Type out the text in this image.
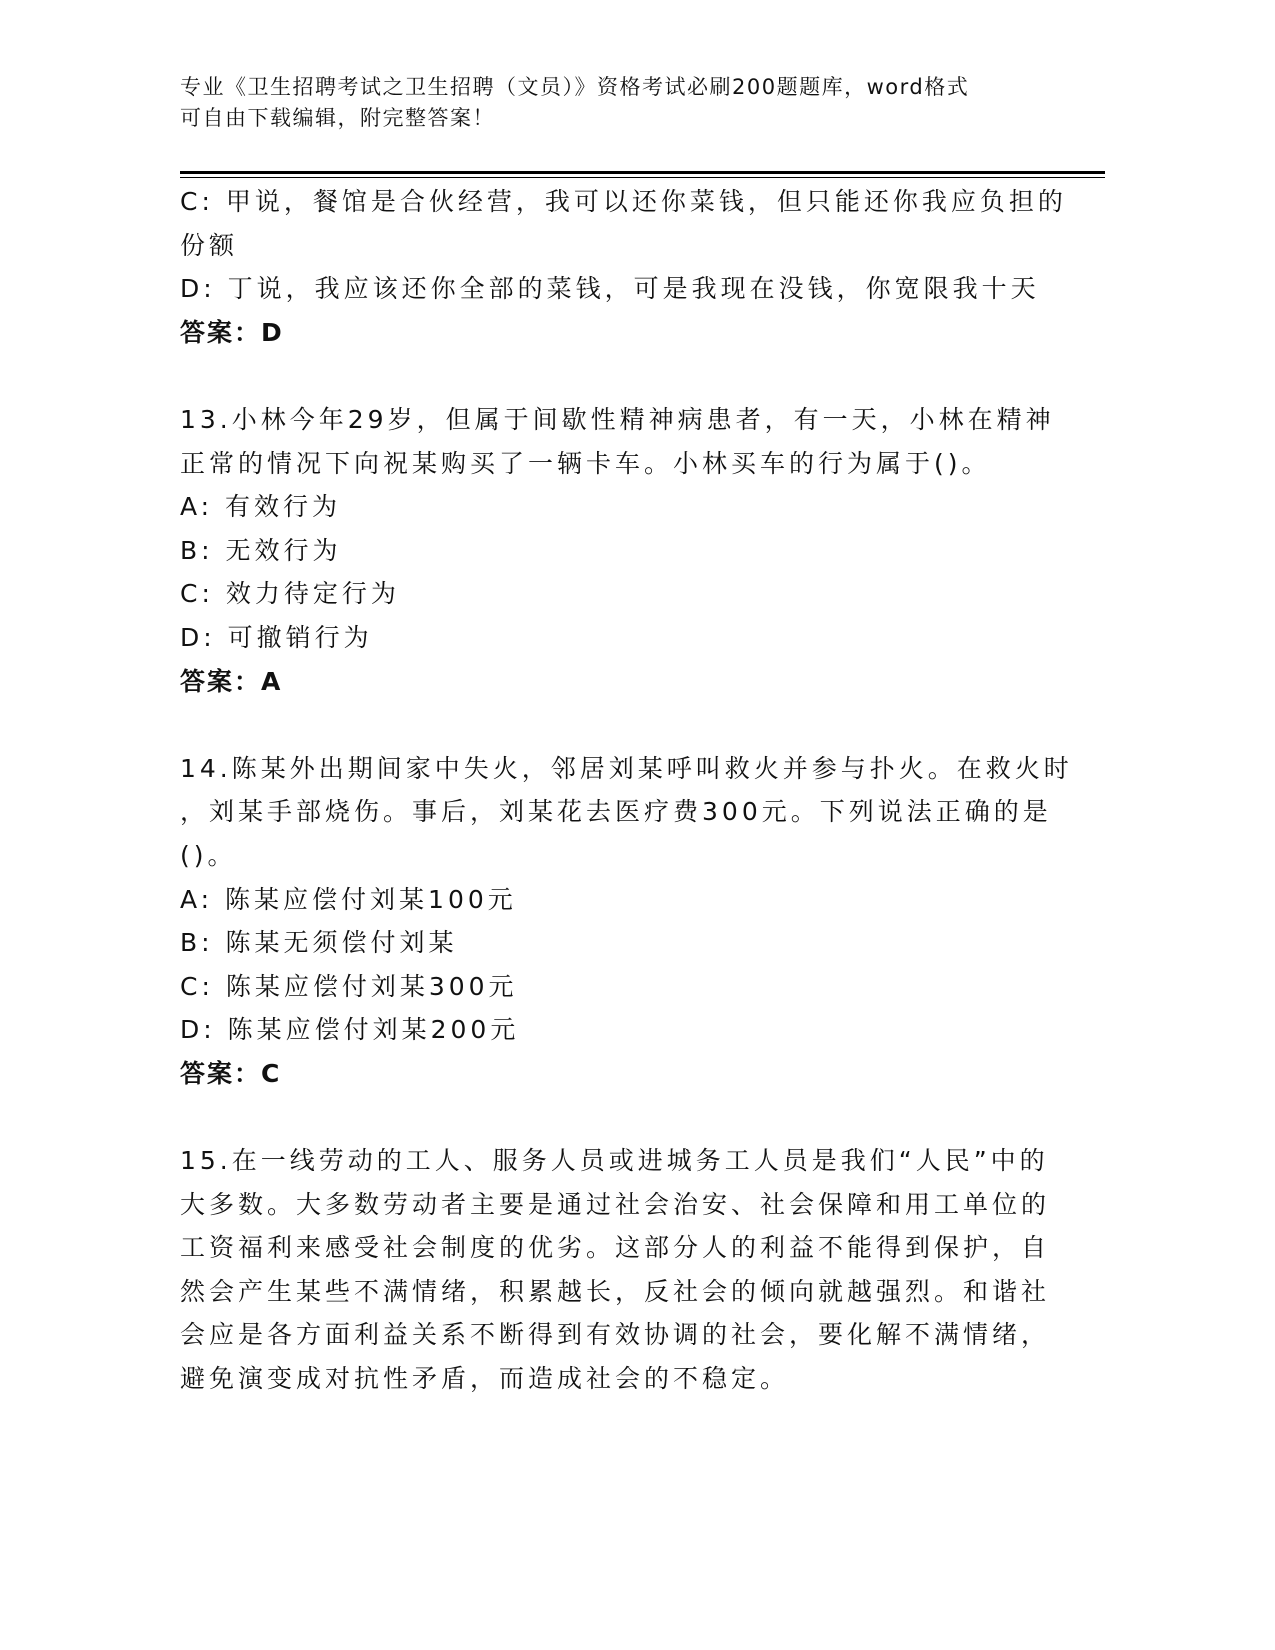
专业《卫生招聘考试之卫生招聘（文员）》资格考试必刷200题题库，word格式
可自由下载编辑，附完整答案！
C: 甲说，餐馆是合伙经营，我可以还你菜钱，但只能还你我应负担的
份额
D: 丁说，我应该还你全部的菜钱，可是我现在没钱，你宽限我十天
答案：D
13.小林今年29岁，但属于间歇性精神病患者，有一天，小林在精神
正常的情况下向祝某购买了一辆卡车。小林买车的行为属于()。
A: 有效行为
B: 无效行为
C: 效力待定行为
D: 可撤销行为
答案：A
14.陈某外出期间家中失火，邻居刘某呼叫救火并参与扑火。在救火时
，刘某手部烧伤。事后，刘某花去医疗费300元。下列说法正确的是
()。
A: 陈某应偿付刘某100元
B: 陈某无须偿付刘某
C: 陈某应偿付刘某300元
D: 陈某应偿付刘某200元
答案：C
15.在一线劳动的工人、服务人员或进城务工人员是我们“人民”中的
大多数。大多数劳动者主要是通过社会治安、社会保障和用工单位的
工资福利来感受社会制度的优劣。这部分人的利益不能得到保护，自
然会产生某些不满情绪，积累越长，反社会的倾向就越强烈。和谐社
会应是各方面利益关系不断得到有效协调的社会，要化解不满情绪，
避免演变成对抗性矛盾，而造成社会的不稳定。
